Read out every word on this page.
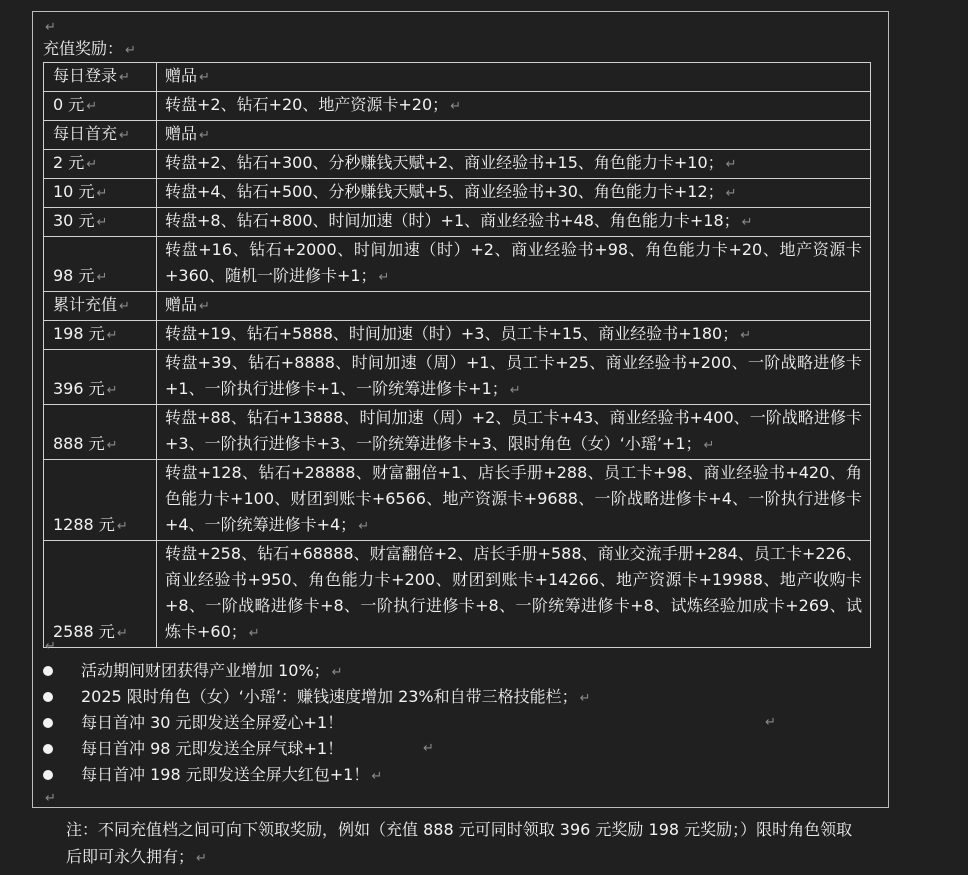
↵
充值奖励： ↵
每日登录 ↵	赠品 ↵
0 元 ↵	转盘+2、钻石+20、地产资源卡+20； ↵
每日首充 ↵	赠品 ↵
2 元 ↵	转盘+2、钻石+300、分秒赚钱天赋+2、商业经验书+15、角色能力卡+10； ↵
10 元 ↵	转盘+4、钻石+500、分秒赚钱天赋+5、商业经验书+30、角色能力卡+12； ↵
30 元 ↵	转盘+8、钻石+800、时间加速（时）+1、商业经验书+48、角色能力卡+18； ↵
98 元 ↵	转盘+16、钻石+2000、时间加速（时）+2、商业经验书+98、角色能力卡+20、地产资源卡+360、随机一阶进修卡+1； ↵
累计充值 ↵	赠品 ↵
198 元 ↵	转盘+19、钻石+5888、时间加速（时）+3、员工卡+15、商业经验书+180； ↵
396 元 ↵	转盘+39、钻石+8888、时间加速（周）+1、员工卡+25、商业经验书+200、一阶战略进修卡+1、一阶执行进修卡+1、一阶统筹进修卡+1； ↵
888 元 ↵	转盘+88、钻石+13888、时间加速（周）+2、员工卡+43、商业经验书+400、一阶战略进修卡+3、一阶执行进修卡+3、一阶统筹进修卡+3、限时角色（女）‘小瑶’+1； ↵
1288 元 ↵	转盘+128、钻石+28888、财富翻倍+1、店长手册+288、员工卡+98、商业经验书+420、角色能力卡+100、财团到账卡+6566、地产资源卡+9688、一阶战略进修卡+4、一阶执行进修卡+4、一阶统筹进修卡+4； ↵
2588 元 ↵	转盘+258、钻石+68888、财富翻倍+2、店长手册+588、商业交流手册+284、员工卡+226、商业经验书+950、角色能力卡+200、财团到账卡+14266、地产资源卡+19988、地产收购卡+8、一阶战略进修卡+8、一阶执行进修卡+8、一阶统筹进修卡+8、试炼经验加成卡+269、试炼卡+60； ↵
↵
活动期间财团获得产业增加 10%； ↵
2025 限时角色（女）‘小瑶’：赚钱速度增加 23%和自带三格技能栏； ↵
每日首冲 30 元即发送全屏爱心+1！	↵
每日首冲 98 元即发送全屏气球+1！	↵
每日首冲 198 元即发送全屏大红包+1！ ↵
↵
注：不同充值档之间可向下领取奖励，例如（充值 888 元可同时领取 396 元奖励 198 元奖励；）限时角色领取后即可永久拥有； ↵
